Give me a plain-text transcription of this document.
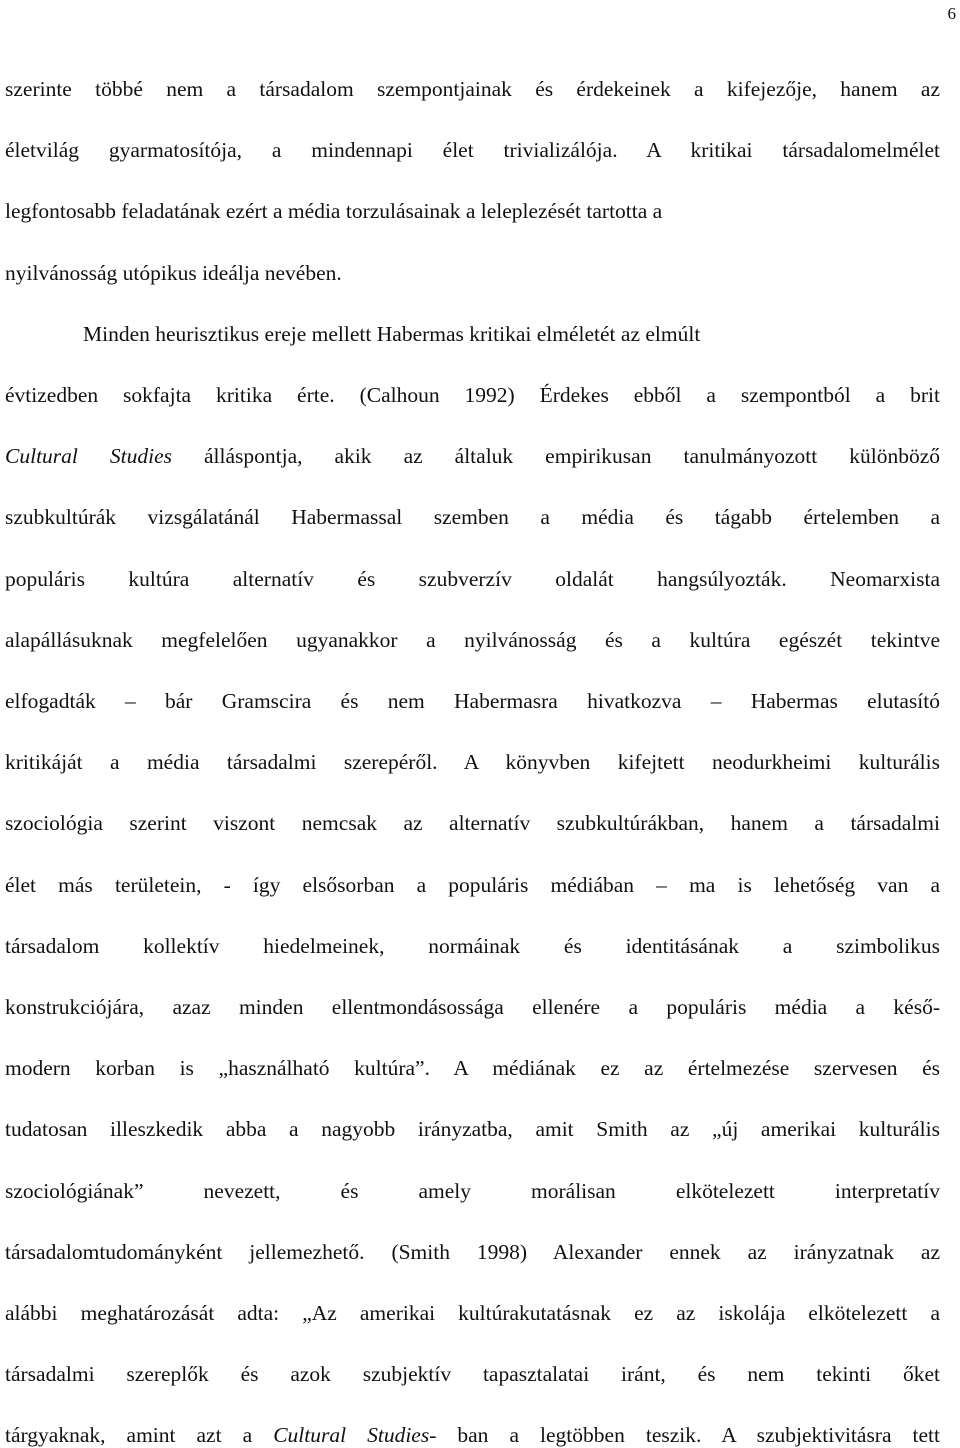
6
szerinte többé nem a társadalom szempontjainak és érdekeinek a kifejezője, hanem az
életvilág gyarmatosítója, a mindennapi élet trivializálója. A kritikai társadalomelmélet
legfontosabb feladatának ezért a média torzulásainak a leleplezését tartotta a
nyilvánosság utópikus ideálja nevében.
Minden heurisztikus ereje mellett Habermas kritikai elméletét az elmúlt
évtizedben sokfajta kritika érte. (Calhoun 1992) Érdekes ebből a szempontból a brit
Cultural Studies álláspontja, akik az általuk empirikusan tanulmányozott különböző
szubkultúrák vizsgálatánál Habermassal szemben a média és tágabb értelemben a
populáris kultúra alternatív és szubverzív oldalát hangsúlyozták. Neomarxista
alapállásuknak megfelelően ugyanakkor a nyilvánosság és a kultúra egészét tekintve
elfogadták – bár Gramscira és nem Habermasra hivatkozva – Habermas elutasító
kritikáját a média társadalmi szerepéről. A könyvben kifejtett neodurkheimi kulturális
szociológia szerint viszont nemcsak az alternatív szubkultúrákban, hanem a társadalmi
élet más területein, - így elsősorban a populáris médiában – ma is lehetőség van a
társadalom kollektív hiedelmeinek, normáinak és identitásának a szimbolikus
konstrukciójára, azaz minden ellentmondásossága ellenére a populáris média a késő-
modern korban is „használható kultúra”. A médiának ez az értelmezése szervesen és
tudatosan illeszkedik abba a nagyobb irányzatba, amit Smith az „új amerikai kulturális
szociológiának” nevezett, és amely morálisan elkötelezett interpretatív
társadalomtudományként jellemezhető. (Smith 1998) Alexander ennek az irányzatnak az
alábbi meghatározását adta: „Az amerikai kultúrakutatásnak ez az iskolája elkötelezett a
társadalmi szereplők és azok szubjektív tapasztalatai iránt, és nem tekinti őket
tárgyaknak, amint azt a Cultural Studies- ban a legtöbben teszik. A szubjektivitásra tett
